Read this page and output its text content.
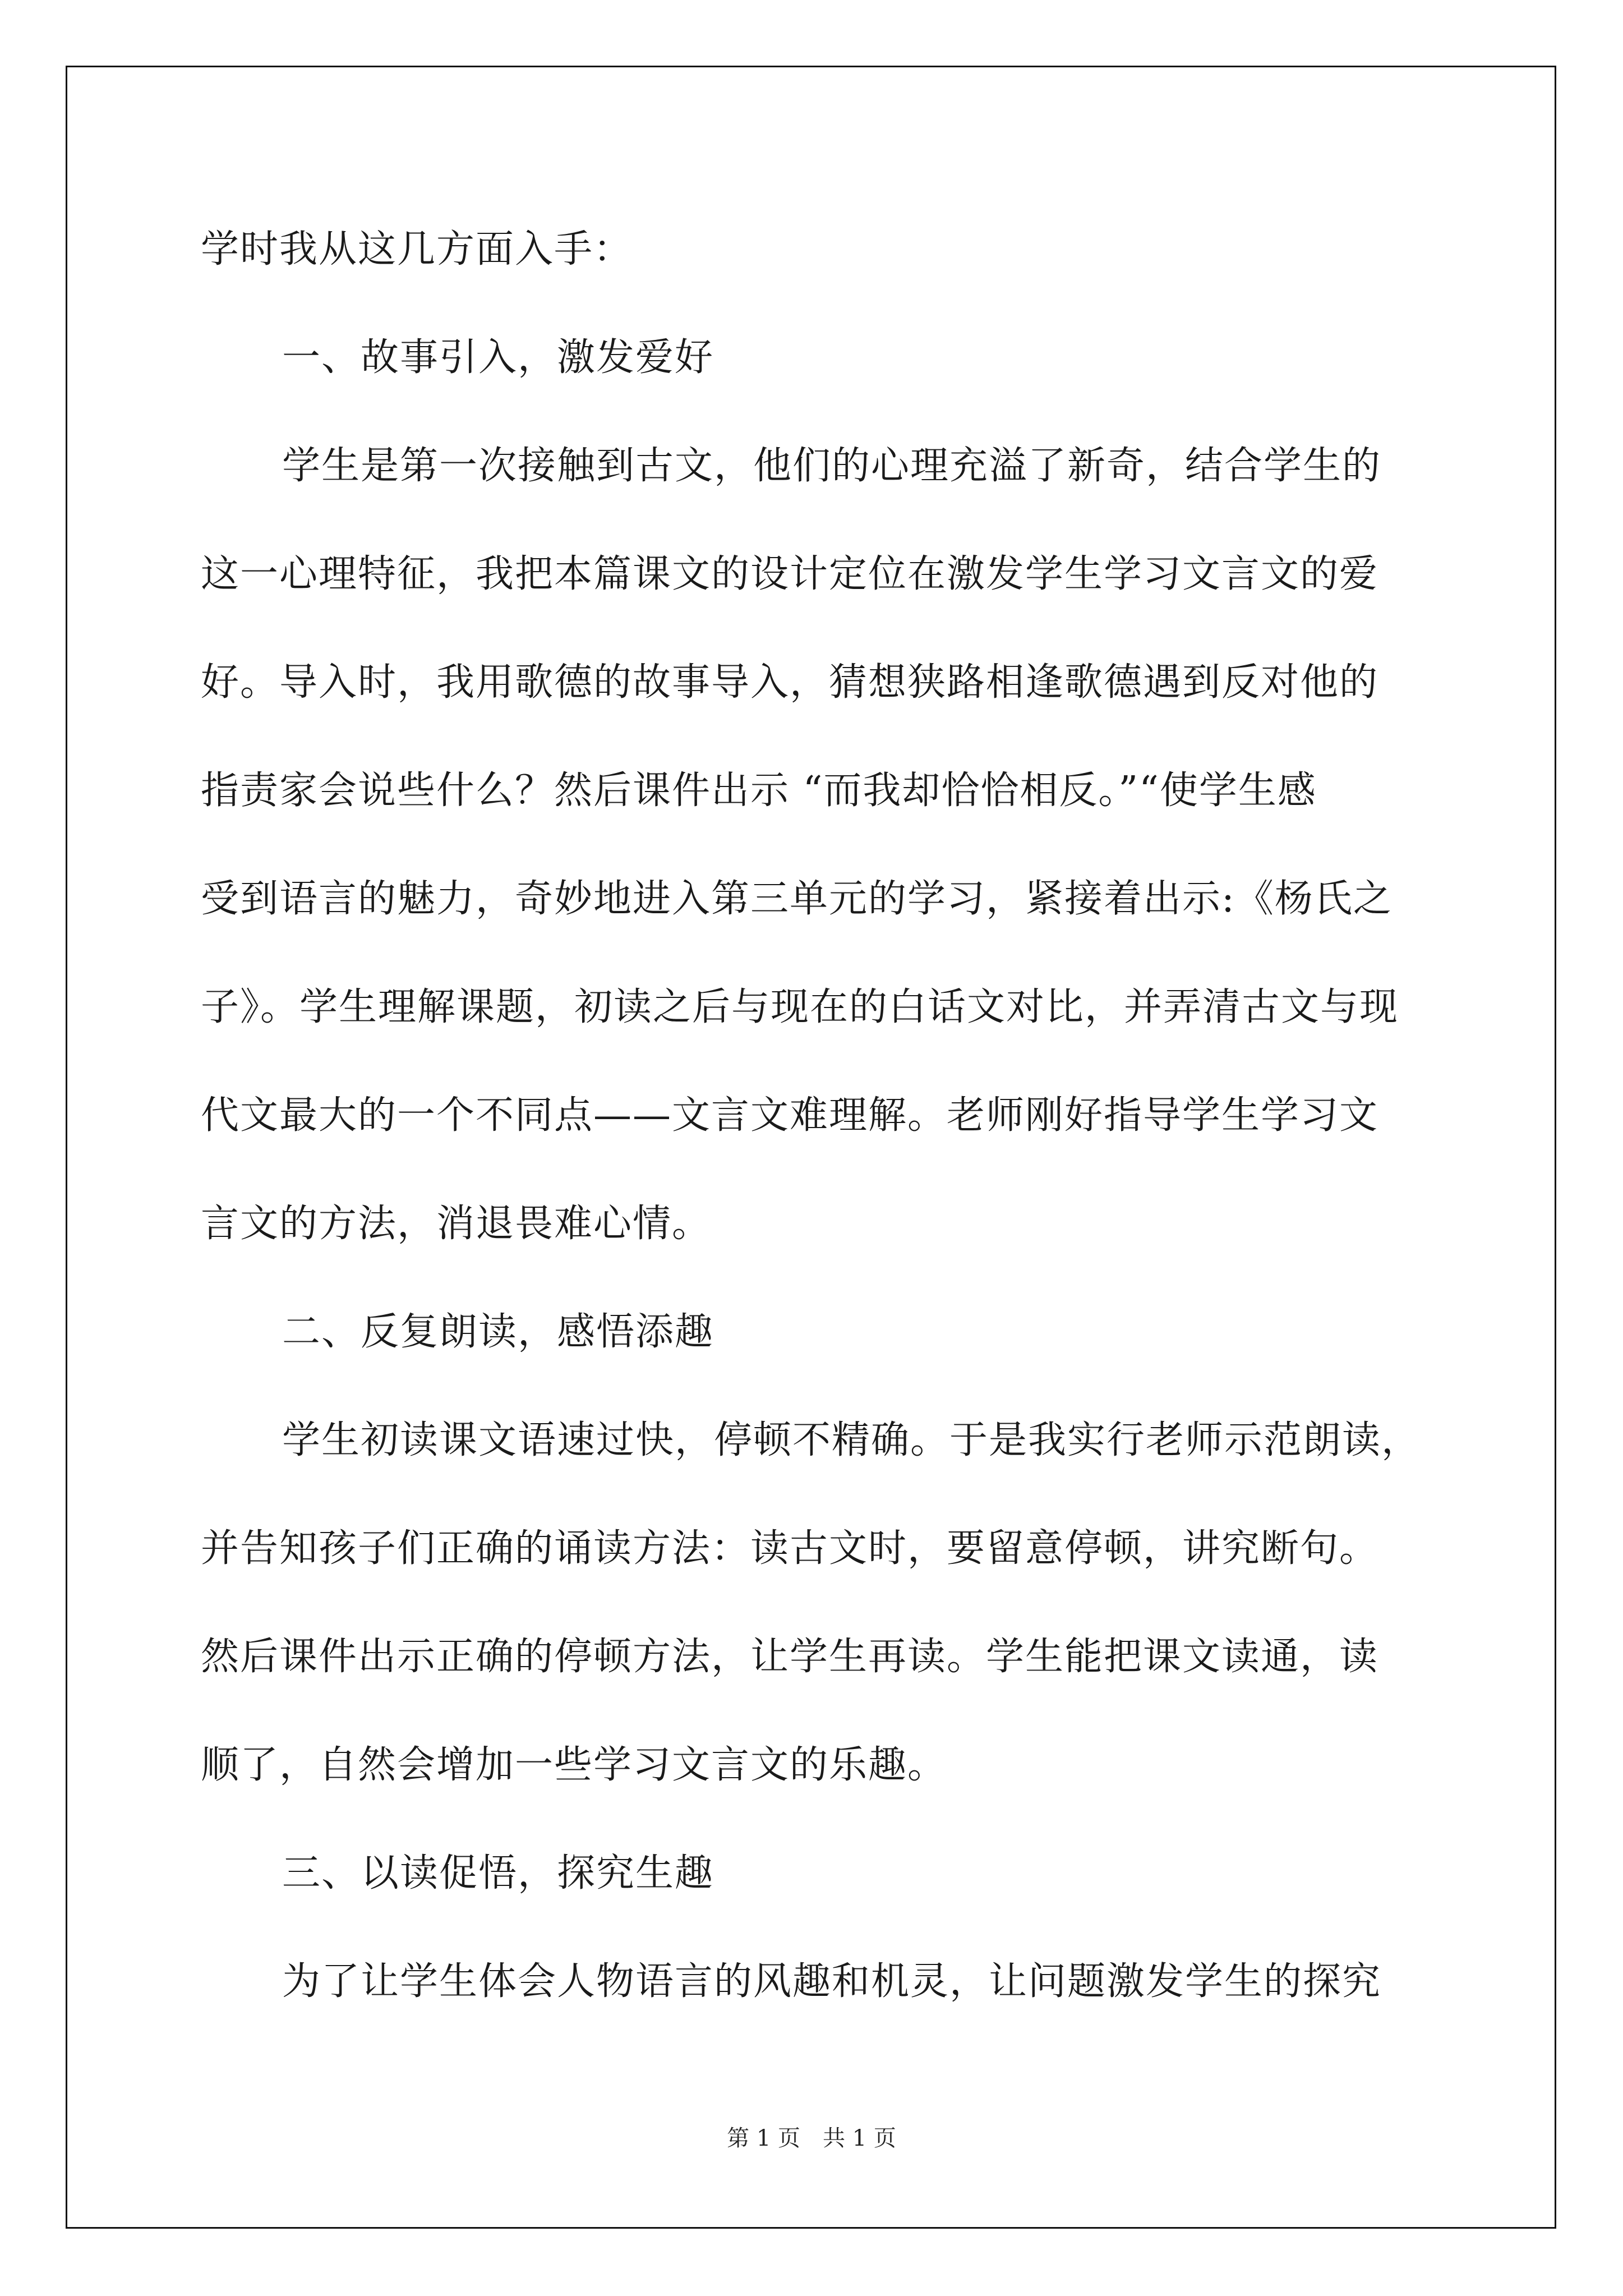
学时我从这几方面入手：
一、故事引入，激发爱好
学生是第一次接触到古文，他们的心理充溢了新奇，结合学生的
这一心理特征，我把本篇课文的设计定位在激发学生学习文言文的爱
好。导入时，我用歌德的故事导入，猜想狭路相逢歌德遇到反对他的
指责家会说些什么？然后课件出示 “而我却恰恰相反。”“使学生感
受到语言的魅力，奇妙地进入第三单元的学习，紧接着出示:《杨氏之
子》。学生理解课题，初读之后与现在的白话文对比，并弄清古文与现
代文最大的一个不同点——文言文难理解。老师刚好指导学生学习文
言文的方法，消退畏难心情。
二、反复朗读，感悟添趣
学生初读课文语速过快，停顿不精确。于是我实行老师示范朗读，
并告知孩子们正确的诵读方法：读古文时，要留意停顿，讲究断句。
然后课件出示正确的停顿方法，让学生再读。学生能把课文读通，读
顺了，自然会增加一些学习文言文的乐趣。
三、以读促悟，探究生趣
为了让学生体会人物语言的风趣和机灵，让问题激发学生的探究
第 1 页　共 1 页
